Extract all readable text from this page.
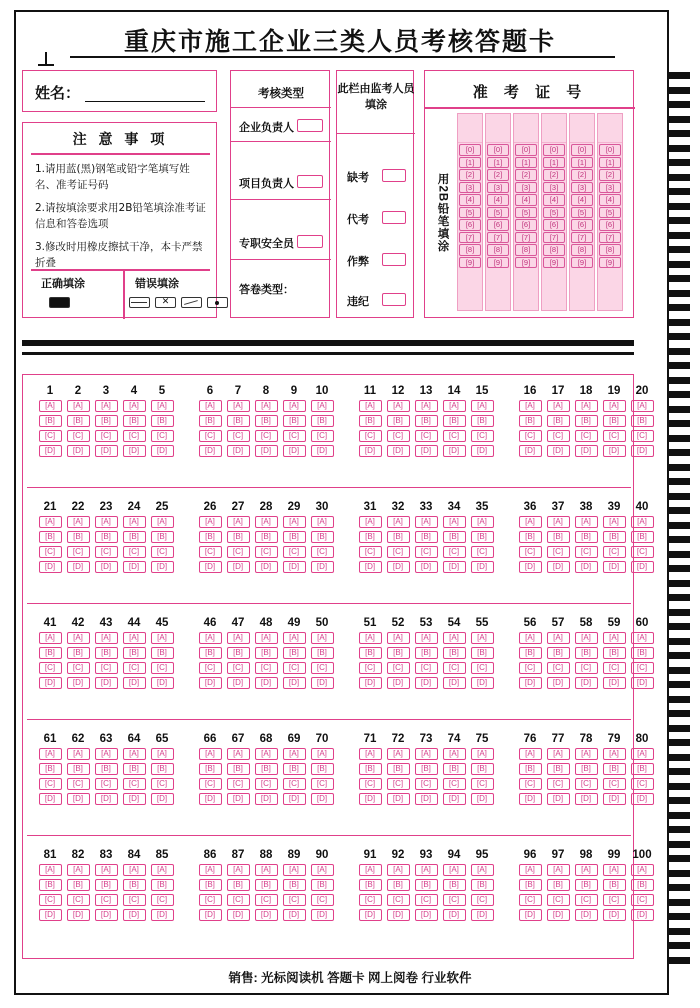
重庆市施工企业三类人员考核答题卡
姓名：
注 意 事 项

1.请用蓝(黑)钢笔或铅字笔填写姓名、准考证号码

2.请按填涂要求用2B铅笔填涂准考证信息和答卷选项

3.修改时用橡皮擦拭干净，本卡严禁折叠

正确填涂	错误填涂
✕
考核类型
企业负责人
项目负责人
专职安全员
答卷类型：
此栏由监考人员填涂
缺考
代考
作弊
违纪
准 考 证 号
用2B铅笔填涂
[0]
[1]
[2]
[3]
[4]
[5]
[6]
[7]
[8]
[9]
[0]
[1]
[2]
[3]
[4]
[5]
[6]
[7]
[8]
[9]
[0]
[1]
[2]
[3]
[4]
[5]
[6]
[7]
[8]
[9]
[0]
[1]
[2]
[3]
[4]
[5]
[6]
[7]
[8]
[9]
[0]
[1]
[2]
[3]
[4]
[5]
[6]
[7]
[8]
[9]
[0]
[1]
[2]
[3]
[4]
[5]
[6]
[7]
[8]
[9]
1
[A]
[B]
[C]
[D]
2
[A]
[B]
[C]
[D]
3
[A]
[B]
[C]
[D]
4
[A]
[B]
[C]
[D]
5
[A]
[B]
[C]
[D]
6
[A]
[B]
[C]
[D]
7
[A]
[B]
[C]
[D]
8
[A]
[B]
[C]
[D]
9
[A]
[B]
[C]
[D]
10
[A]
[B]
[C]
[D]
11
[A]
[B]
[C]
[D]
12
[A]
[B]
[C]
[D]
13
[A]
[B]
[C]
[D]
14
[A]
[B]
[C]
[D]
15
[A]
[B]
[C]
[D]
16
[A]
[B]
[C]
[D]
17
[A]
[B]
[C]
[D]
18
[A]
[B]
[C]
[D]
19
[A]
[B]
[C]
[D]
20
[A]
[B]
[C]
[D]
21
[A]
[B]
[C]
[D]
22
[A]
[B]
[C]
[D]
23
[A]
[B]
[C]
[D]
24
[A]
[B]
[C]
[D]
25
[A]
[B]
[C]
[D]
26
[A]
[B]
[C]
[D]
27
[A]
[B]
[C]
[D]
28
[A]
[B]
[C]
[D]
29
[A]
[B]
[C]
[D]
30
[A]
[B]
[C]
[D]
31
[A]
[B]
[C]
[D]
32
[A]
[B]
[C]
[D]
33
[A]
[B]
[C]
[D]
34
[A]
[B]
[C]
[D]
35
[A]
[B]
[C]
[D]
36
[A]
[B]
[C]
[D]
37
[A]
[B]
[C]
[D]
38
[A]
[B]
[C]
[D]
39
[A]
[B]
[C]
[D]
40
[A]
[B]
[C]
[D]
41
[A]
[B]
[C]
[D]
42
[A]
[B]
[C]
[D]
43
[A]
[B]
[C]
[D]
44
[A]
[B]
[C]
[D]
45
[A]
[B]
[C]
[D]
46
[A]
[B]
[C]
[D]
47
[A]
[B]
[C]
[D]
48
[A]
[B]
[C]
[D]
49
[A]
[B]
[C]
[D]
50
[A]
[B]
[C]
[D]
51
[A]
[B]
[C]
[D]
52
[A]
[B]
[C]
[D]
53
[A]
[B]
[C]
[D]
54
[A]
[B]
[C]
[D]
55
[A]
[B]
[C]
[D]
56
[A]
[B]
[C]
[D]
57
[A]
[B]
[C]
[D]
58
[A]
[B]
[C]
[D]
59
[A]
[B]
[C]
[D]
60
[A]
[B]
[C]
[D]
61
[A]
[B]
[C]
[D]
62
[A]
[B]
[C]
[D]
63
[A]
[B]
[C]
[D]
64
[A]
[B]
[C]
[D]
65
[A]
[B]
[C]
[D]
66
[A]
[B]
[C]
[D]
67
[A]
[B]
[C]
[D]
68
[A]
[B]
[C]
[D]
69
[A]
[B]
[C]
[D]
70
[A]
[B]
[C]
[D]
71
[A]
[B]
[C]
[D]
72
[A]
[B]
[C]
[D]
73
[A]
[B]
[C]
[D]
74
[A]
[B]
[C]
[D]
75
[A]
[B]
[C]
[D]
76
[A]
[B]
[C]
[D]
77
[A]
[B]
[C]
[D]
78
[A]
[B]
[C]
[D]
79
[A]
[B]
[C]
[D]
80
[A]
[B]
[C]
[D]
81
[A]
[B]
[C]
[D]
82
[A]
[B]
[C]
[D]
83
[A]
[B]
[C]
[D]
84
[A]
[B]
[C]
[D]
85
[A]
[B]
[C]
[D]
86
[A]
[B]
[C]
[D]
87
[A]
[B]
[C]
[D]
88
[A]
[B]
[C]
[D]
89
[A]
[B]
[C]
[D]
90
[A]
[B]
[C]
[D]
91
[A]
[B]
[C]
[D]
92
[A]
[B]
[C]
[D]
93
[A]
[B]
[C]
[D]
94
[A]
[B]
[C]
[D]
95
[A]
[B]
[C]
[D]
96
[A]
[B]
[C]
[D]
97
[A]
[B]
[C]
[D]
98
[A]
[B]
[C]
[D]
99
[A]
[B]
[C]
[D]
100
[A]
[B]
[C]
[D]
销售: 光标阅读机 答题卡 网上阅卷 行业软件
